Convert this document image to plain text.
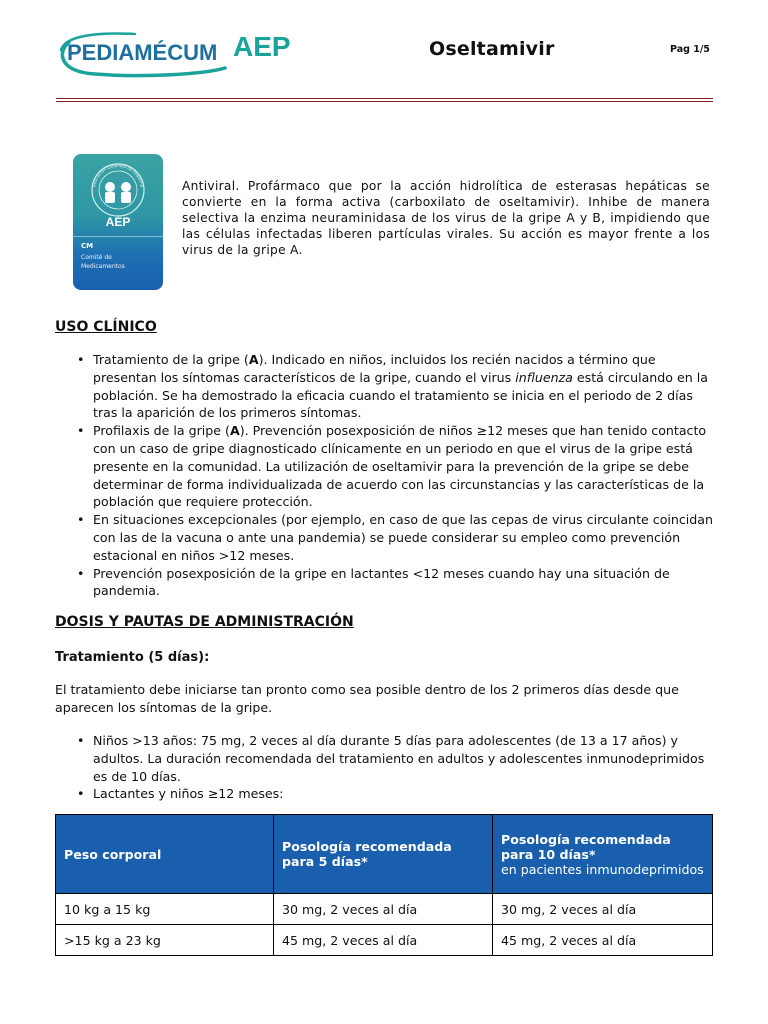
PEDIAMÉCUM AEP	Oseltamivir	Pag 1/5
AEP
Asociación Española de Pediatría
CM
Comité de
Medicamentos
Antiviral. Profármaco que por la acción hidrolítica de esterasas hepáticas se convierte en la forma activa (carboxilato de oseltamivir). Inhibe de manera selectiva la enzima neuraminidasa de los virus de la gripe A y B, impidiendo que las células infectadas liberen partículas virales. Su acción es mayor frente a los virus de la gripe A.
USO CLÍNICO
• Tratamiento de la gripe (A). Indicado en niños, incluidos los recién nacidos a término que presentan los síntomas característicos de la gripe, cuando el virus influenza está circulando en la población. Se ha demostrado la eficacia cuando el tratamiento se inicia en el periodo de 2 días tras la aparición de los primeros síntomas.
• Profilaxis de la gripe (A). Prevención posexposición de niños ≥12 meses que han tenido contacto con un caso de gripe diagnosticado clínicamente en un periodo en que el virus de la gripe está presente en la comunidad. La utilización de oseltamivir para la prevención de la gripe se debe determinar de forma individualizada de acuerdo con las circunstancias y las características de la población que requiere protección.
• En situaciones excepcionales (por ejemplo, en caso de que las cepas de virus circulante coincidan con las de la vacuna o ante una pandemia) se puede considerar su empleo como prevención estacional en niños >12 meses.
• Prevención posexposición de la gripe en lactantes <12 meses cuando hay una situación de pandemia.
DOSIS Y PAUTAS DE ADMINISTRACIÓN
Tratamiento (5 días):
El tratamiento debe iniciarse tan pronto como sea posible dentro de los 2 primeros días desde que aparecen los síntomas de la gripe.
• Niños >13 años: 75 mg, 2 veces al día durante 5 días para adolescentes (de 13 a 17 años) y adultos. La duración recomendada del tratamiento en adultos y adolescentes inmunodeprimidos es de 10 días.
• Lactantes y niños ≥12 meses:
Peso corporal	Posología recomendada para 5 días*	Posología recomendada para 10 días*
en pacientes inmunodeprimidos

10 kg a 15 kg	30 mg, 2 veces al día	30 mg, 2 veces al día
>15 kg a 23 kg	45 mg, 2 veces al día	45 mg, 2 veces al día
